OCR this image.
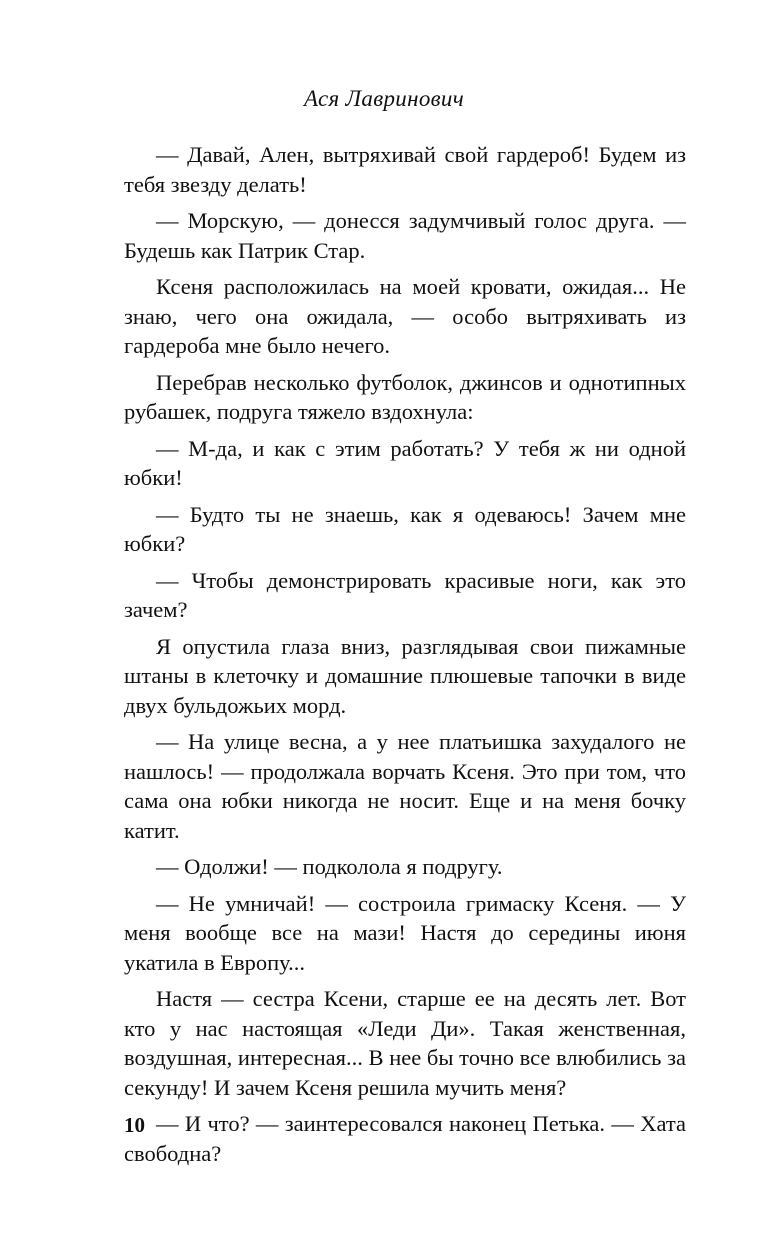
Ася Лавринович

— Давай, Ален, вытряхивай свой гардероб! Будем из тебя звезду делать!

— Морскую, — донесся задумчивый голос друга. — Будешь как Патрик Стар.

Ксеня расположилась на моей кровати, ожидая... Не знаю, чего она ожидала, — особо вытряхивать из гардероба мне было нечего.

Перебрав несколько футболок, джинсов и однотипных рубашек, подруга тяжело вздохнула:

— М-да, и как с этим работать? У тебя ж ни одной юбки!

— Будто ты не знаешь, как я одеваюсь! Зачем мне юбки?

— Чтобы демонстрировать красивые ноги, как это зачем?

Я опустила глаза вниз, разглядывая свои пижамные штаны в клеточку и домашние плюшевые тапочки в виде двух бульдожьих морд.

— На улице весна, а у нее платьишка захудалого не нашлось! — продолжала ворчать Ксеня. Это при том, что сама она юбки никогда не носит. Еще и на меня бочку катит.

— Одолжи! — подколола я подругу.

— Не умничай! — состроила гримаску Ксеня. — У меня вообще все на мази! Настя до середины июня укатила в Европу...

Настя — сестра Ксени, старше ее на десять лет. Вот кто у нас настоящая «Леди Ди». Такая женственная, воздушная, интересная... В нее бы точно все влюбились за секунду! И зачем Ксеня решила мучить меня?

— И что? — заинтересовался наконец Петька. — Хата свободна?

10
